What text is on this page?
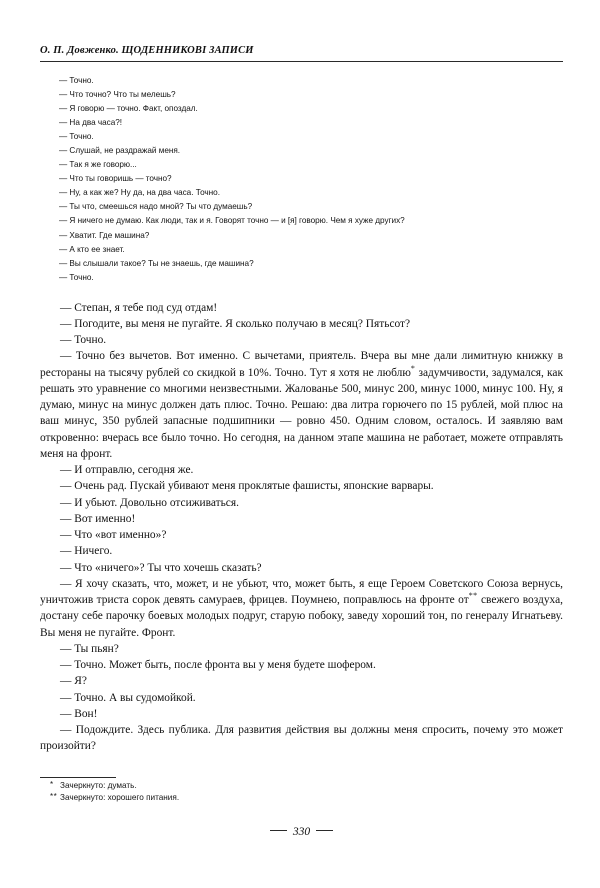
О. П. Довженко. ЩОДЕННИКОВІ ЗАПИСИ
— Точно.
— Что точно? Что ты мелешь?
— Я говорю — точно. Факт, опоздал.
— На два часа?!
— Точно.
— Слушай, не раздражай меня.
— Так я же говорю...
— Что ты говоришь — точно?
— Ну, а как же? Ну да, на два часа. Точно.
— Ты что, смеешься надо мной? Ты что думаешь?
— Я ничего не думаю. Как люди, так и я. Говорят точно — и [я] говорю. Чем я хуже других?
— Хватит. Где машина?
— А кто ее знает.
— Вы слышали такое? Ты не знаешь, где машина?
— Точно.

— Степан, я тебе под суд отдам!

— Погодите, вы меня не пугайте. Я сколько получаю в месяц? Пятьсот?

— Точно.

— Точно без вычетов. Вот именно. С вычетами, приятель. Вчера вы мне дали лимитную книжку в рестораны на тысячу рублей со скидкой в 10%. Точно. Тут я хотя не люблю* задумчивости, задумался, как решать это уравнение со многими неизвестными. Жалованье 500, минус 200, минус 1000, минус 100. Ну, я думаю, минус на минус должен дать плюс. Точно. Решаю: два литра горючего по 15 рублей, мой плюс на ваш минус, 350 рублей запасные подшипники — ровно 450. Одним словом, осталось. И заявляю вам откровенно: вчерась все было точно. Но сегодня, на данном этапе машина не работает, можете отправлять меня на фронт.

— И отправлю, сегодня же.

— Очень рад. Пускай убивают меня проклятые фашисты, японские варвары.

— И убьют. Довольно отсиживаться.

— Вот именно!

— Что «вот именно»?

— Ничего.

— Что «ничего»? Ты что хочешь сказать?

— Я хочу сказать, что, может, и не убьют, что, может быть, я еще Героем Советского Союза вернусь, уничтожив триста сорок девять самураев, фрицев. Поумнею, поправлюсь на фронте от** свежего воздуха, достану себе парочку боевых молодых подруг, старую побоку, заведу хороший тон, по генералу Игнатьеву. Вы меня не пугайте. Фронт.

— Ты пьян?

— Точно. Может быть, после фронта вы у меня будете шофером.

— Я?

— Точно. А вы судомойкой.

— Вон!

— Подождите. Здесь публика. Для развития действия вы должны меня спросить, почему это может произойти?

* Зачеркнуто: думать.
** Зачеркнуто: хорошего питания.
330
